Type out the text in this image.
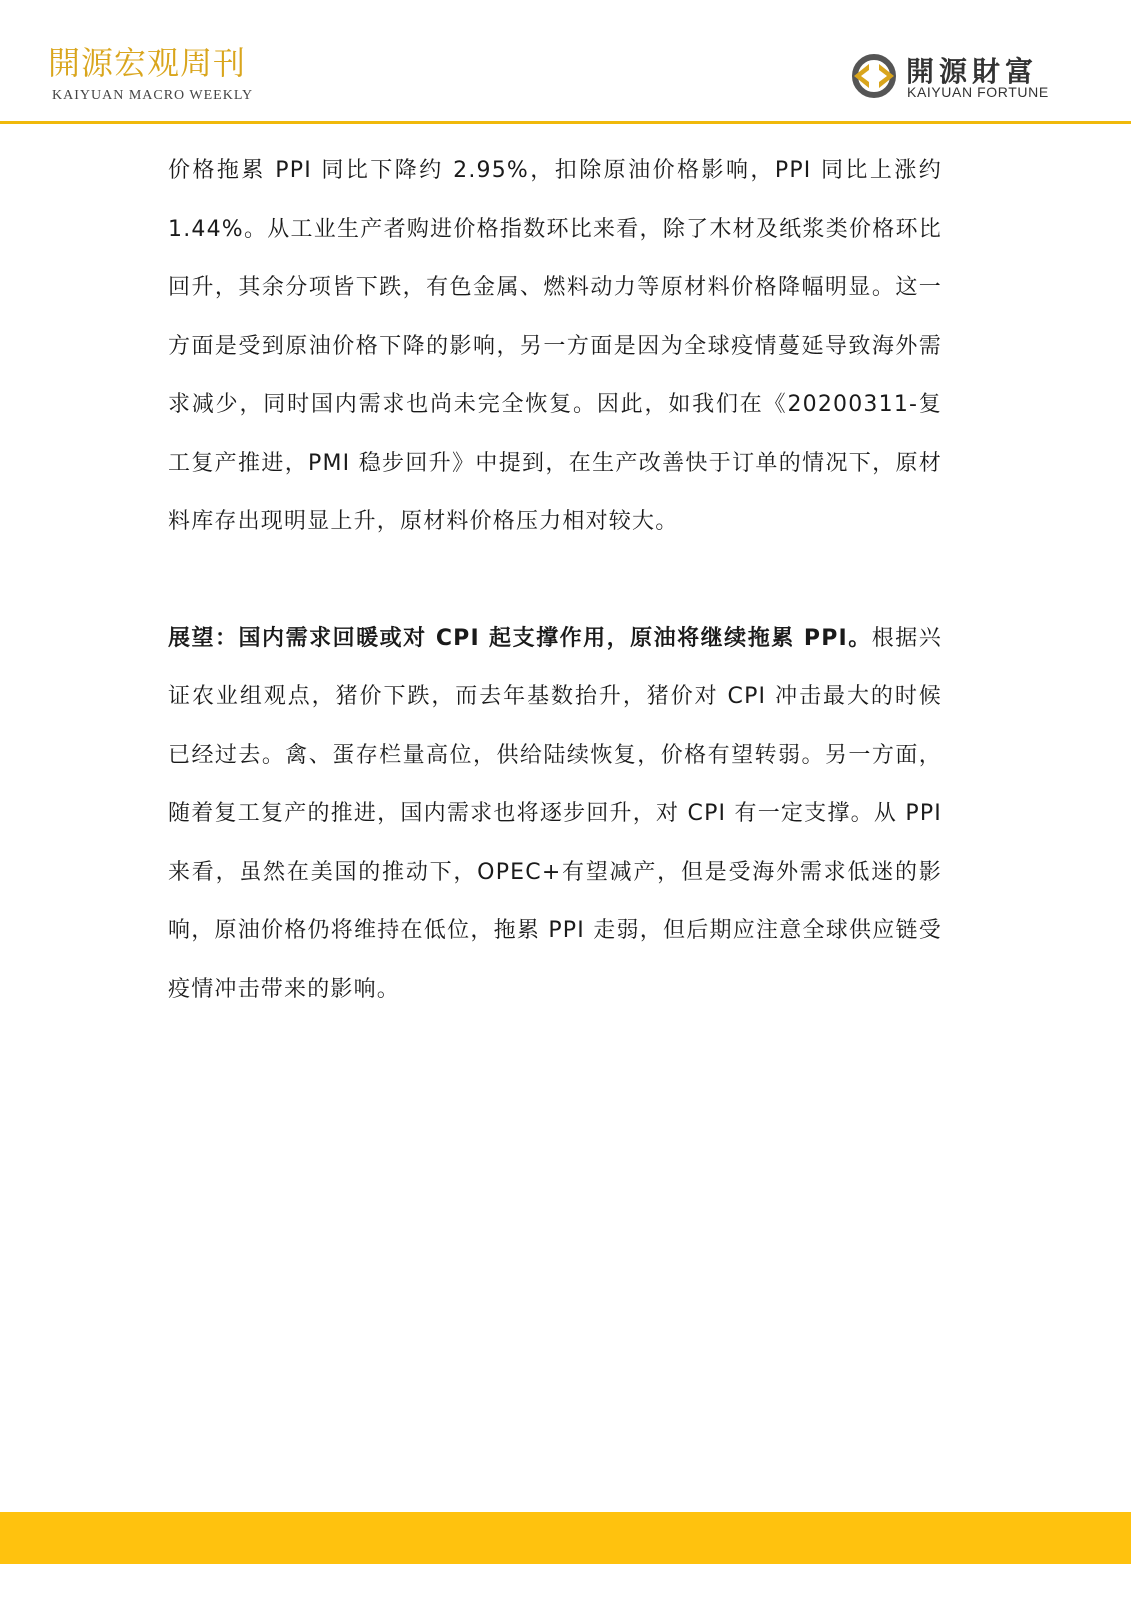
開源宏观周刊
KAIYUAN MACRO WEEKLY
開源財富
KAIYUAN FORTUNE

价格拖累 PPI 同比下降约 2.95%，扣除原油价格影响，PPI 同比上涨约 1.44%。从工业生产者购进价格指数环比来看，除了木材及纸浆类价格环比回升，其余分项皆下跌，有色金属、燃料动力等原材料价格降幅明显。这一方面是受到原油价格下降的影响，另一方面是因为全球疫情蔓延导致海外需求减少，同时国内需求也尚未完全恢复。因此，如我们在《20200311-复工复产推进，PMI 稳步回升》中提到，在生产改善快于订单的情况下，原材料库存出现明显上升，原材料价格压力相对较大。

展望：国内需求回暖或对 CPI 起支撑作用，原油将继续拖累 PPI。根据兴证农业组观点，猪价下跌，而去年基数抬升，猪价对 CPI 冲击最大的时候已经过去。禽、蛋存栏量高位，供给陆续恢复，价格有望转弱。另一方面，随着复工复产的推进，国内需求也将逐步回升，对 CPI 有一定支撑。从 PPI 来看，虽然在美国的推动下，OPEC+有望减产，但是受海外需求低迷的影响，原油价格仍将维持在低位，拖累 PPI 走弱，但后期应注意全球供应链受疫情冲击带来的影响。
